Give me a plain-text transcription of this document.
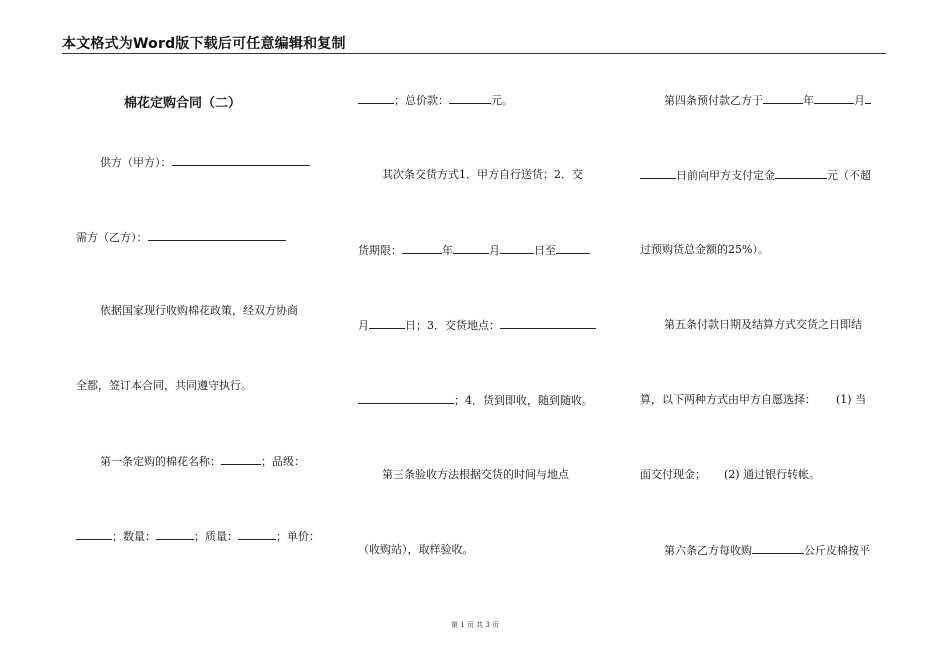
本文格式为Word版下载后可任意编辑和复制
棉花定购合同（二）
供方（甲方）：
需方（乙方）：
依据国家现行收购棉花政策，经双方协商
全都，签订本合同，共同遵守执行。
第一条定购的棉花名称：	；品级：
；数量：	；质量：	；单价：
；总价款：	元。
其次条交货方式1．甲方自行送货；2．交
货期限：	年	月	日至
月	日；3．交货地点：
；4．货到即收，随到随收。
第三条验收方法根据交货的时间与地点
（收购站），取样验收。
第四条预付款乙方于	年	月
日前向甲方支付定金	元（不超
过预购货总金额的25%）。
第五条付款日期及结算方式交货之日即结
算，以下两种方式由甲方自愿选择： (1) 当
面交付现金； (2) 通过银行转帐。
第六条乙方每收购	公斤皮棉按平
第 1 页 共 3 页
